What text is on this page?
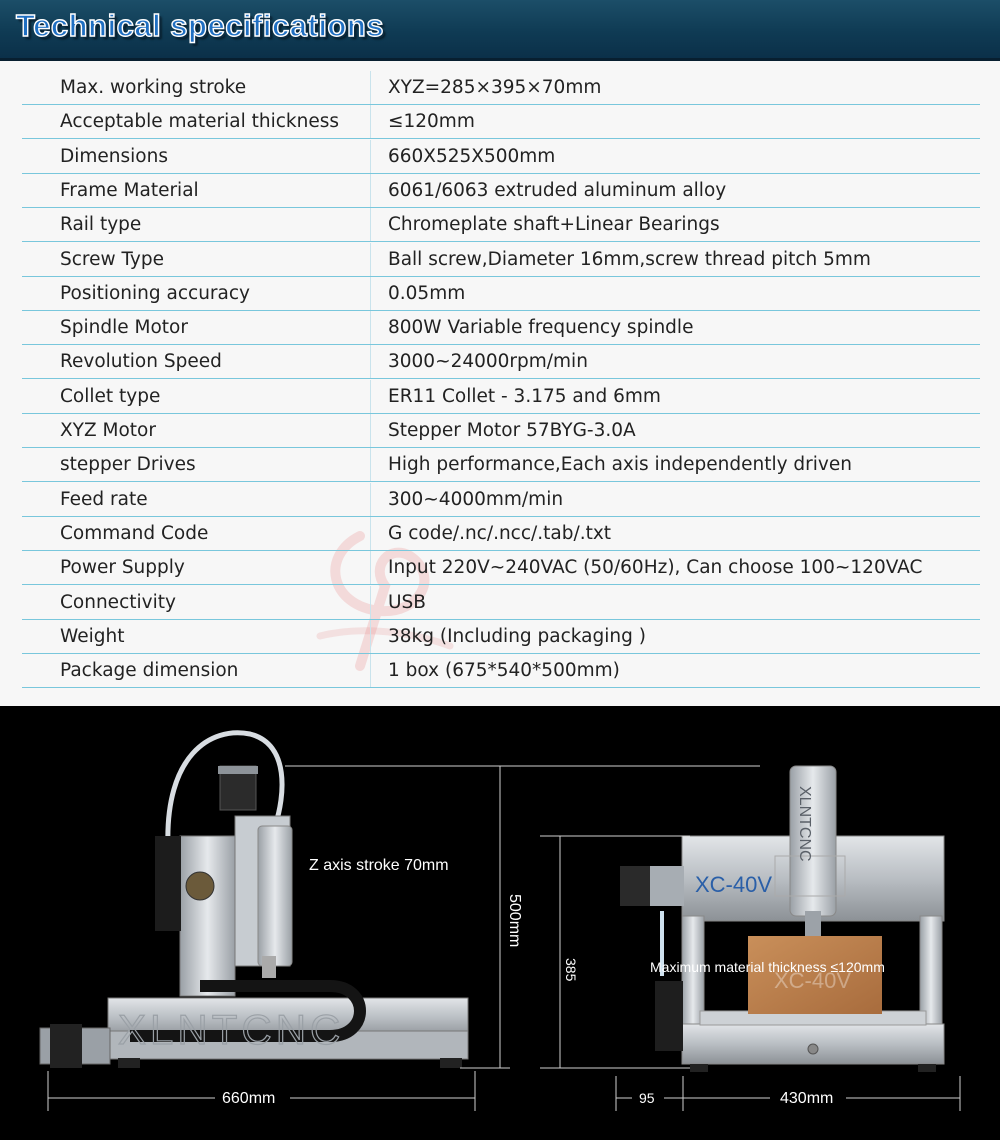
Technical specifications
Max. working stroke	XYZ=285×395×70mm
Acceptable material thickness	≤120mm
Dimensions	660X525X500mm
Frame Material	6061/6063 extruded aluminum alloy
Rail type	Chromeplate shaft+Linear Bearings
Screw Type	Ball screw,Diameter 16mm,screw thread pitch 5mm
Positioning accuracy	0.05mm
Spindle Motor	800W Variable frequency spindle
Revolution Speed	3000~24000rpm/min
Collet type	ER11 Collet - 3.175 and 6mm
XYZ Motor	Stepper Motor 57BYG-3.0A
stepper Drives	High performance,Each axis independently driven
Feed rate	300~4000mm/min
Command Code	G code/.nc/.ncc/.tab/.txt
Power Supply	Input 220V~240VAC (50/60Hz), Can choose 100~120VAC
Connectivity	USB
Weight	38kg (Including packaging )
Package dimension	1 box (675*540*500mm)
XLNTCNC
Z axis stroke 70mm
500mm
660mm
XC-40V
XLNTCNC
XC-40V
Maximum material thickness ≤120mm
385
95	430mm
